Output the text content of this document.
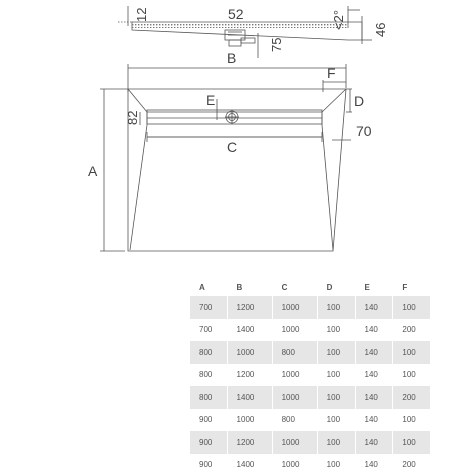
12	52	<2° 46
75
B
F
E	D
82
70
C
A
A	B	C	D	E	F
700	1200	1000	100	140	100
700	1400	1000	100	140	200
800	1000	800	100	140	100
800	1200	1000	100	140	100
800	1400	1000	100	140	200
900	1000	800	100	140	100
900	1200	1000	100	140	100
900	1400	1000	100	140	200
